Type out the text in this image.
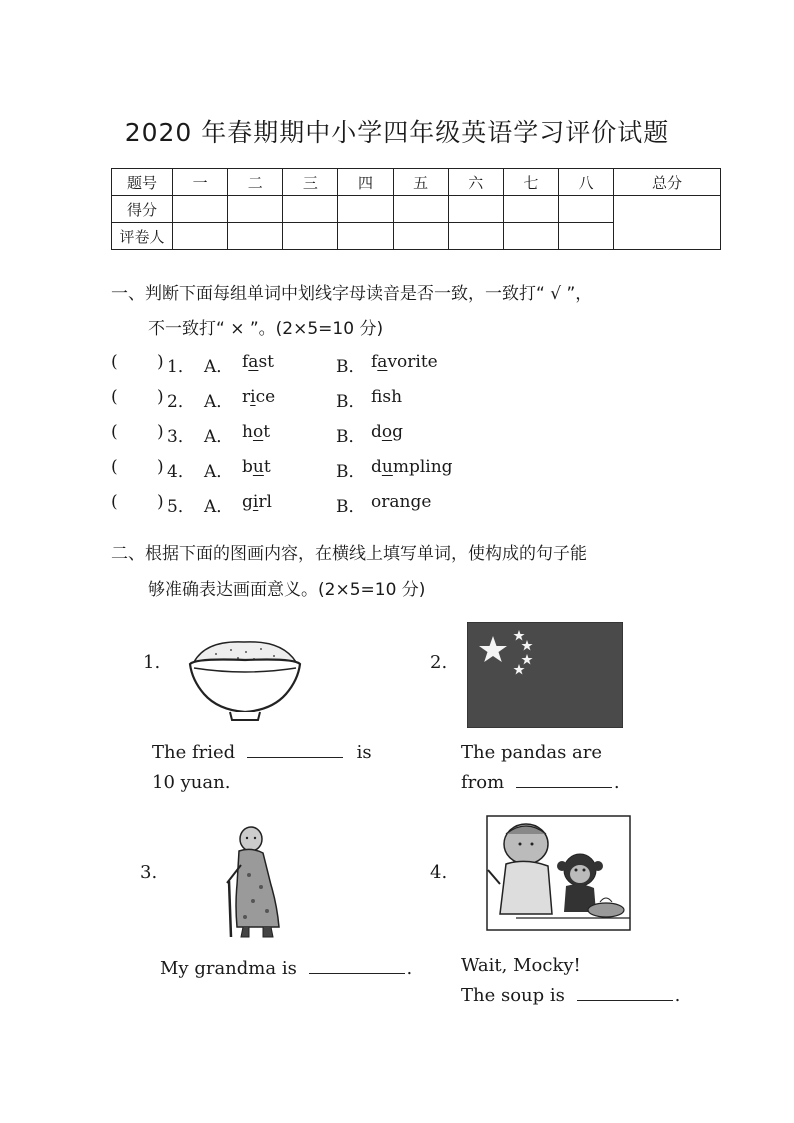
2020 年春期期中小学四年级英语学习评价试题
题号	一	二	三	四	五	六	七	八	总分
得分									
评卷人									
一、判断下面每组单词中划线字母读音是否一致，一致打“ √ ”，
不一致打“ × ”。(2×5=10 分)
( ) 1． A． fast	B． favorite
( ) 2． A． rice	B． fsh
( ) 3． A． hot	B． dog
( ) 4． A． but	B． dumpling
( ) 5． A． girl	B． orange
二、根据下面的图画内容，在横线上填写单词，使构成的句子能
够准确表达画面意义。(2×5=10 分)
1.
The fried	is
10 yuan.
2.
The pandas are
from	.
3.
My grandma is	.
4.
Wait, Mocky!
The soup is	.
